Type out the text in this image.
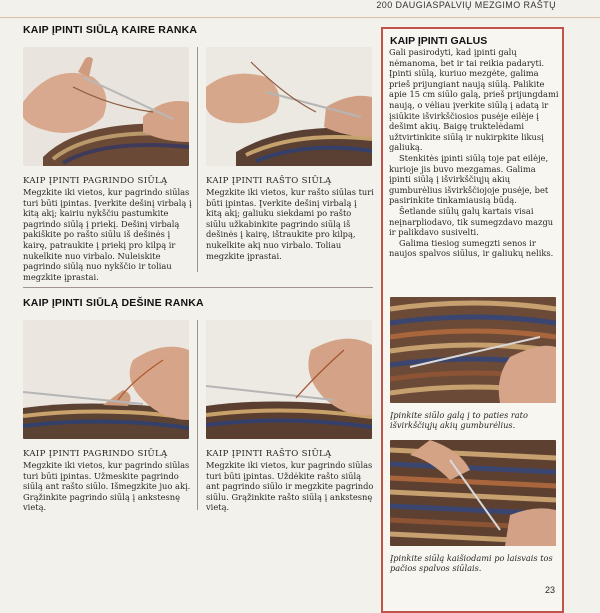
200 DAUGIASPALVIŲ MEZGIMO RAŠTŲ
KAIP ĮPINTI SIŪLĄ KAIRE RANKA
KAIP ĮPINTI PAGRINDO SIŪLĄ
Megzkite iki vietos, kur pagrindo siūlas turi būti įpintas. Įverkite dešinį virbalą į kitą akį; kairiu nykščiu pastumkite pagrindo siūlą į priekį. Dešinį virbalą pakiškite po rašto siūlu iš dešinės į kairę, patraukite į priekį pro kilpą ir nukelkite nuo virbalo. Nuleiskite pagrindo siūlą nuo nykščio ir toliau megzkite įprastai.
KAIP ĮPINTI RAŠTO SIŪLĄ
Megzkite iki vietos, kur rašto siūlas turi būti įpintas. Įverkite dešinį virbalą į kitą akį; galiuku siekdami po rašto siūlu užkabinkite pagrindo siūlą iš dešinės į kairę, ištraukite pro kilpą, nukelkite akį nuo virbalo. Toliau megzkite įprastai.
KAIP ĮPINTI SIŪLĄ DEŠINE RANKA
KAIP ĮPINTI PAGRINDO SIŪLĄ
Megzkite iki vietos, kur pagrindo siūlas turi būti įpintas. Užmeskite pagrindo siūlą ant rašto siūlo. Išmegzkite juo akį. Grąžinkite pagrindo siūlą į ankstesnę vietą.
KAIP ĮPINTI RAŠTO SIŪLĄ
Megzkite iki vietos, kur pagrindo siūlas turi būti įpintas. Uždėkite rašto siūlą ant pagrindo siūlo ir megzkite pagrindo siūlu. Grąžinkite rašto siūlą į ankstesnę vietą.
KAIP ĮPINTI GALUS

Gali pasirodyti, kad įpinti galų nėmanoma, bet ir tai reikia padaryti. Įpinti siūlą, kuriuo mezgėte, galima prieš prijungiant naują siūlą. Palikite apie 15 cm siūlo galą, prieš prijungdami naują, o vėliau įverkite siūlą į adatą ir įsiūkite išvirkščiosios pusėje eilėje į dešimt akių. Baigę truktelėdami užtvirtinkite siūlą ir nukirpkite likusį galiuką.

Stenkitės įpinti siūlą toje pat eilėje, kurioje jis buvo mezgamas. Galima įpinti siūlą į išvirkščiųjų akių gumburėlius išvirkščiojoje pusėje, bet pasirinkite tinkamiausią būdą.

Šetlande siūlų galų kartais visai neįnarpliodavo, tik sumegzdavo mazgu ir palikdavo susivelti.

Galima tiesiog sumegzti senos ir naujos spalvos siūlus, ir galiukų neliks.

Įpinkite siūlo galą į to paties rato išvirkščiųjų akių gumburėlius.
Įpinkite siūlą kaišiodami po laisvais tos pačios spalvos siūlais.
23
